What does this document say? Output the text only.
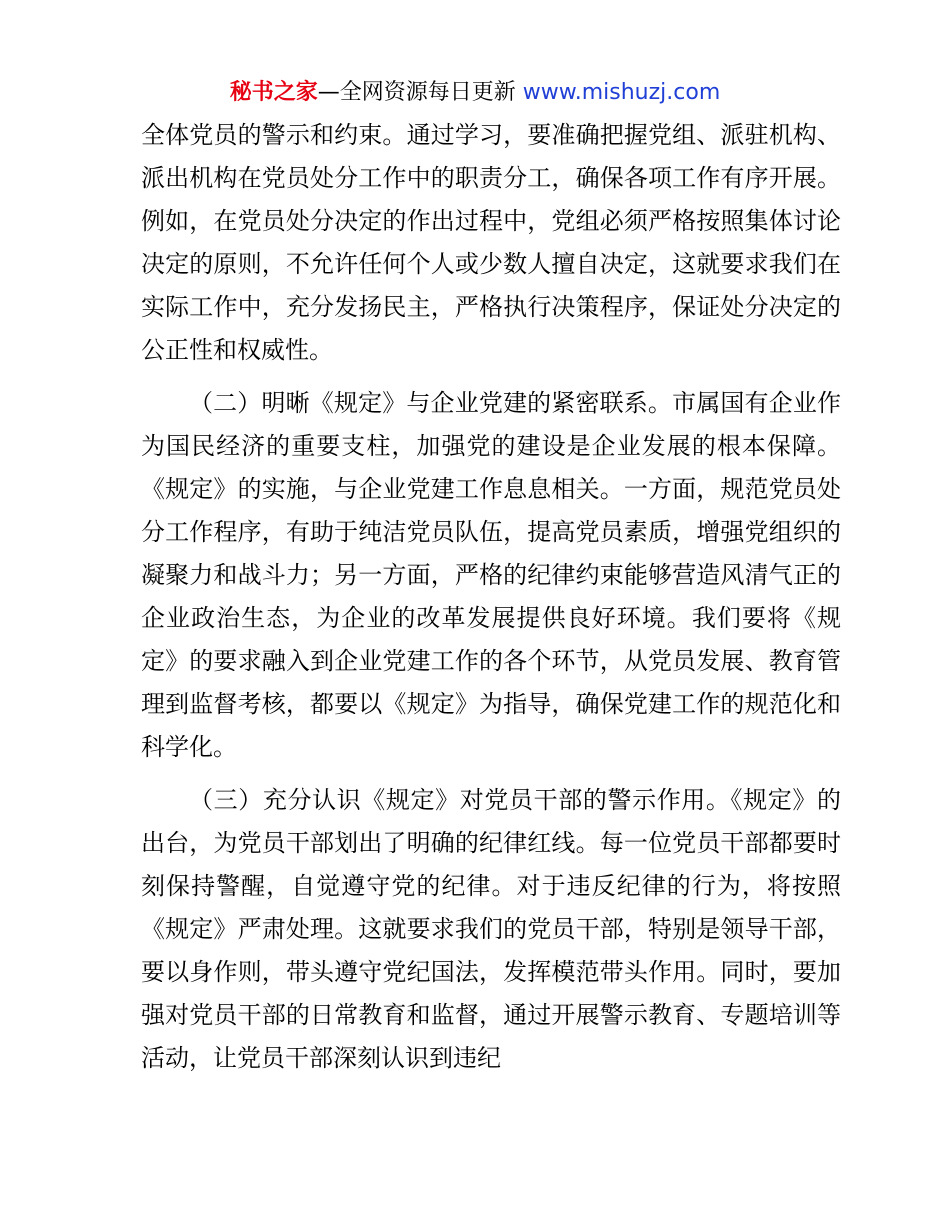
秘书之家—全网资源每日更新 www.mishuzj.com

全体党员的警示和约束。通过学习，要准确把握党组、派驻机构、派出机构在党员处分工作中的职责分工，确保各项工作有序开展。例如，在党员处分决定的作出过程中，党组必须严格按照集体讨论决定的原则，不允许任何个人或少数人擅自决定，这就要求我们在实际工作中，充分发扬民主，严格执行决策程序，保证处分决定的公正性和权威性。

（二）明晰《规定》与企业党建的紧密联系。市属国有企业作为国民经济的重要支柱，加强党的建设是企业发展的根本保障。《规定》的实施，与企业党建工作息息相关。一方面，规范党员处分工作程序，有助于纯洁党员队伍，提高党员素质，增强党组织的凝聚力和战斗力；另一方面，严格的纪律约束能够营造风清气正的企业政治生态，为企业的改革发展提供良好环境。我们要将《规定》的要求融入到企业党建工作的各个环节，从党员发展、教育管理到监督考核，都要以《规定》为指导，确保党建工作的规范化和科学化。

（三）充分认识《规定》对党员干部的警示作用。《规定》的出台，为党员干部划出了明确的纪律红线。每一位党员干部都要时刻保持警醒，自觉遵守党的纪律。对于违反纪律的行为，将按照《规定》严肃处理。这就要求我们的党员干部，特别是领导干部，要以身作则，带头遵守党纪国法，发挥模范带头作用。同时，要加强对党员干部的日常教育和监督，通过开展警示教育、专题培训等活动，让党员干部深刻认识到违纪
